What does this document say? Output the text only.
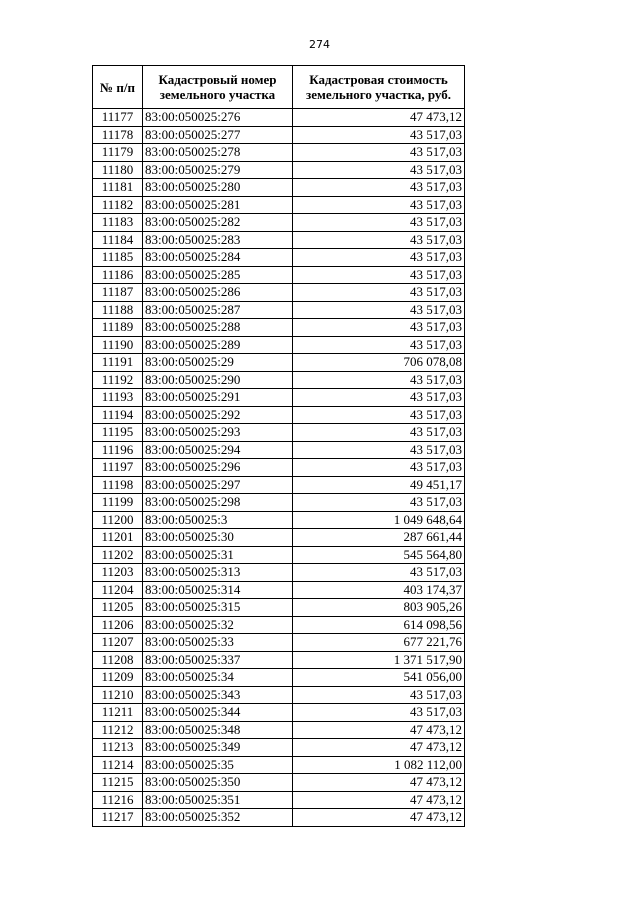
274
№ п/п	Кадастровый номер земельного участка	Кадастровая стоимость земельного участка, руб.
11177	83:00:050025:276	47 473,12
11178	83:00:050025:277	43 517,03
11179	83:00:050025:278	43 517,03
11180	83:00:050025:279	43 517,03
11181	83:00:050025:280	43 517,03
11182	83:00:050025:281	43 517,03
11183	83:00:050025:282	43 517,03
11184	83:00:050025:283	43 517,03
11185	83:00:050025:284	43 517,03
11186	83:00:050025:285	43 517,03
11187	83:00:050025:286	43 517,03
11188	83:00:050025:287	43 517,03
11189	83:00:050025:288	43 517,03
11190	83:00:050025:289	43 517,03
11191	83:00:050025:29	706 078,08
11192	83:00:050025:290	43 517,03
11193	83:00:050025:291	43 517,03
11194	83:00:050025:292	43 517,03
11195	83:00:050025:293	43 517,03
11196	83:00:050025:294	43 517,03
11197	83:00:050025:296	43 517,03
11198	83:00:050025:297	49 451,17
11199	83:00:050025:298	43 517,03
11200	83:00:050025:3	1 049 648,64
11201	83:00:050025:30	287 661,44
11202	83:00:050025:31	545 564,80
11203	83:00:050025:313	43 517,03
11204	83:00:050025:314	403 174,37
11205	83:00:050025:315	803 905,26
11206	83:00:050025:32	614 098,56
11207	83:00:050025:33	677 221,76
11208	83:00:050025:337	1 371 517,90
11209	83:00:050025:34	541 056,00
11210	83:00:050025:343	43 517,03
11211	83:00:050025:344	43 517,03
11212	83:00:050025:348	47 473,12
11213	83:00:050025:349	47 473,12
11214	83:00:050025:35	1 082 112,00
11215	83:00:050025:350	47 473,12
11216	83:00:050025:351	47 473,12
11217	83:00:050025:352	47 473,12
